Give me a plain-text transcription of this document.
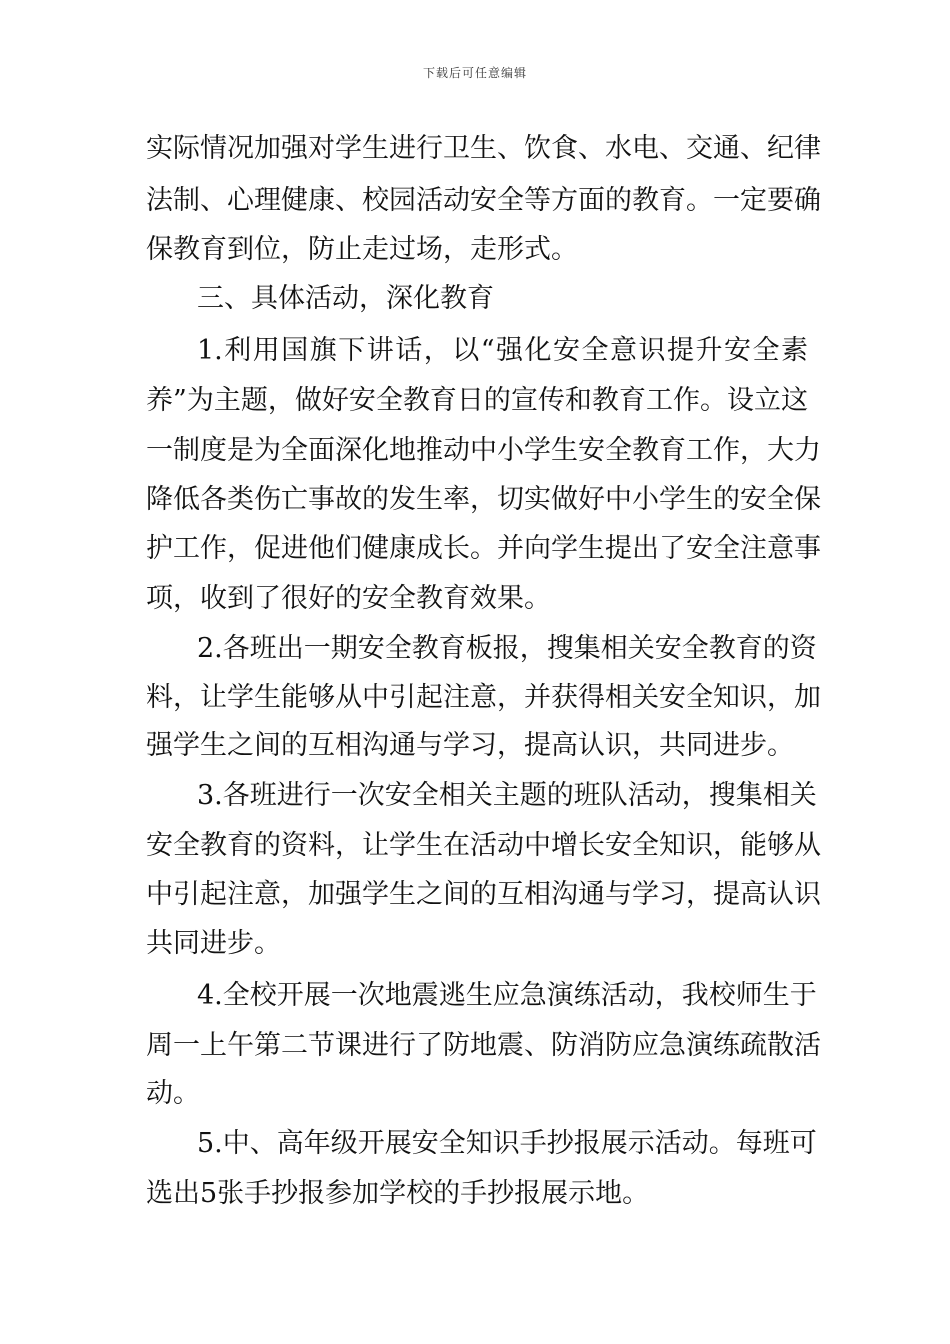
下载后可任意编辑
实际情况加强对学生进行卫生、饮食、水电、交通、纪律
法制、心理健康、校园活动安全等方面的教育。一定要确
保教育到位，防止走过场，走形式。
三、具体活动，深化教育
1.利用国旗下讲话，以“强化安全意识提升安全素
养”为主题，做好安全教育日的宣传和教育工作。设立这
一制度是为全面深化地推动中小学生安全教育工作，大力
降低各类伤亡事故的发生率，切实做好中小学生的安全保
护工作，促进他们健康成长。并向学生提出了安全注意事
项，收到了很好的安全教育效果。
2.各班出一期安全教育板报，搜集相关安全教育的资
料，让学生能够从中引起注意，并获得相关安全知识，加
强学生之间的互相沟通与学习，提高认识，共同进步。
3.各班进行一次安全相关主题的班队活动，搜集相关
安全教育的资料，让学生在活动中增长安全知识，能够从
中引起注意，加强学生之间的互相沟通与学习，提高认识
共同进步。
4.全校开展一次地震逃生应急演练活动，我校师生于
周一上午第二节课进行了防地震、防消防应急演练疏散活
动。
5.中、高年级开展安全知识手抄报展示活动。每班可
选出5张手抄报参加学校的手抄报展示地。
